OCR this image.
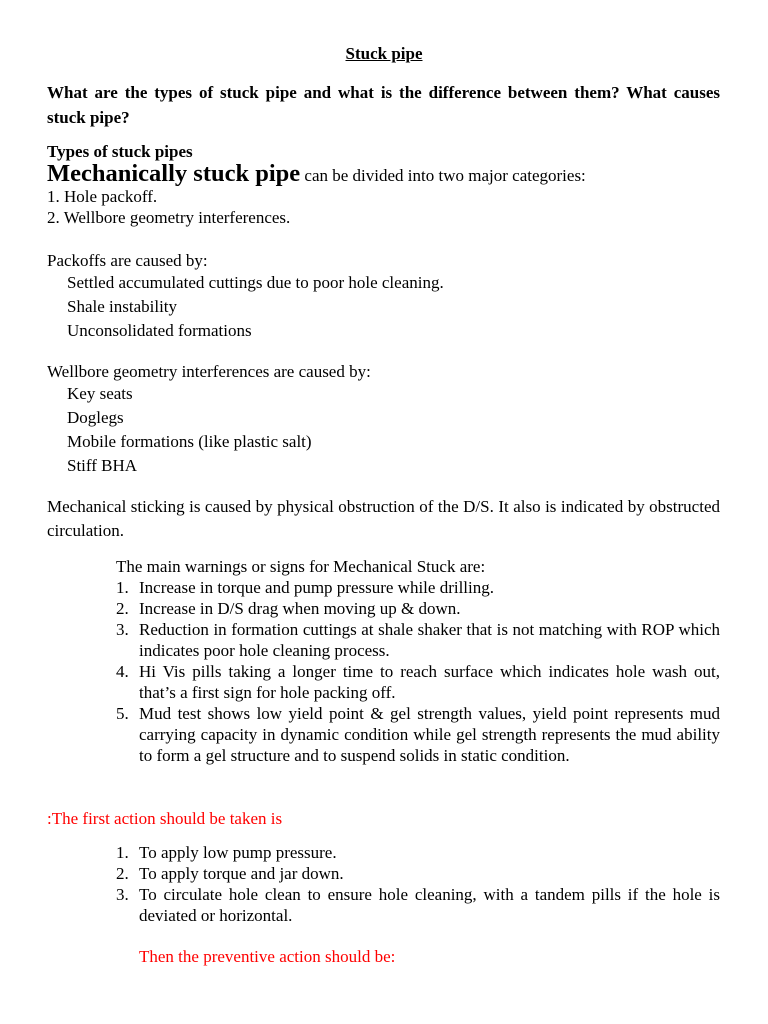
Stuck pipe
What are the types of stuck pipe and what is the difference between them? What causes stuck pipe?
Types of stuck pipes
Mechanically stuck pipe can be divided into two major categories:
1. Hole packoff.
2. Wellbore geometry interferences.
Packoffs are caused by:
Settled accumulated cuttings due to poor hole cleaning.
Shale instability
Unconsolidated formations
Wellbore geometry interferences are caused by:
Key seats
Doglegs
Mobile formations (like plastic salt)
Stiff BHA
Mechanical sticking is caused by physical obstruction of the D/S. It also is indicated by obstructed circulation.
The main warnings or signs for Mechanical Stuck are:
1. Increase in torque and pump pressure while drilling.
2. Increase in D/S drag when moving up & down.
3. Reduction in formation cuttings at shale shaker that is not matching with ROP which indicates poor hole cleaning process.
4. Hi Vis pills taking a longer time to reach surface which indicates hole wash out, that’s a first sign for hole packing off.
5. Mud test shows low yield point & gel strength values, yield point represents mud carrying capacity in dynamic condition while gel strength represents the mud ability to form a gel structure and to suspend solids in static condition.
:The first action should be taken is
1. To apply low pump pressure.
2. To apply torque and jar down.
3. To circulate hole clean to ensure hole cleaning, with a tandem pills if the hole is deviated or horizontal.
Then the preventive action should be:
